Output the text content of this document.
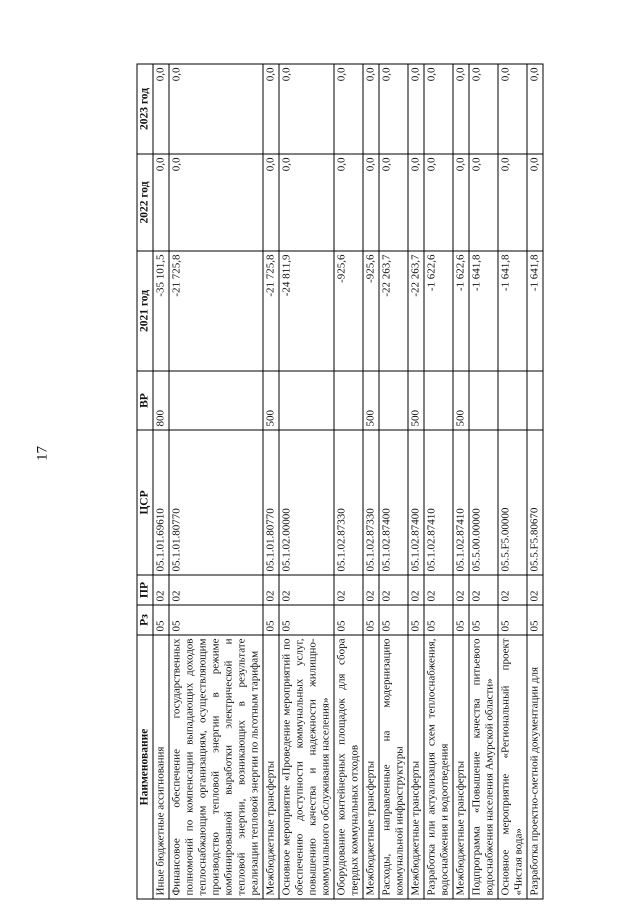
17
Наименование	Рз	ПР	ЦСР	ВР	2021 год	2022 год	2023 год
Иные бюджетные ассигнования	05	02	05.1.01.69610	800	-35 101,5	0,0	0,0
Финансовое обеспечение государственных полномочий по компенсации выпадающих доходов теплоснабжающим организациям, осуществляющим производство тепловой энергии в режиме комбинированной выработки электрической и тепловой энергии, возникающих в результате реализации тепловой энергии по льготным тарифам	05	02	05.1.01.80770		-21 725,8	0,0	0,0
Межбюджетные трансферты	05	02	05.1.01.80770	500	-21 725,8	0,0	0,0
Основное мероприятие «Проведение мероприятий по обеспечению доступности коммунальных услуг, повышению качества и надежности жилищно-коммунального обслуживания населения»	05	02	05.1.02.00000		-24 811,9	0,0	0,0
Оборудование контейнерных площадок для сбора твердых коммунальных отходов	05	02	05.1.02.87330		-925,6	0,0	0,0
Межбюджетные трансферты	05	02	05.1.02.87330	500	-925,6	0,0	0,0
Расходы, направленные на модернизацию коммунальной инфраструктуры	05	02	05.1.02.87400		-22 263,7	0,0	0,0
Межбюджетные трансферты	05	02	05.1.02.87400	500	-22 263,7	0,0	0,0
Разработка или актуализация схем теплоснабжения, водоснабжения и водоотведения	05	02	05.1.02.87410		-1 622,6	0,0	0,0
Межбюджетные трансферты	05	02	05.1.02.87410	500	-1 622,6	0,0	0,0
Подпрограмма «Повышение качества питьевого водоснабжения населения Амурской области»	05	02	05.5.00.00000		-1 641,8	0,0	0,0
Основное мероприятие «Региональный проект «Чистая вода»	05	02	05.5.F5.00000		-1 641,8	0,0	0,0
Разработка проектно-сметной документации для	05	02	05.5.F5.80670		-1 641,8	0,0	0,0
